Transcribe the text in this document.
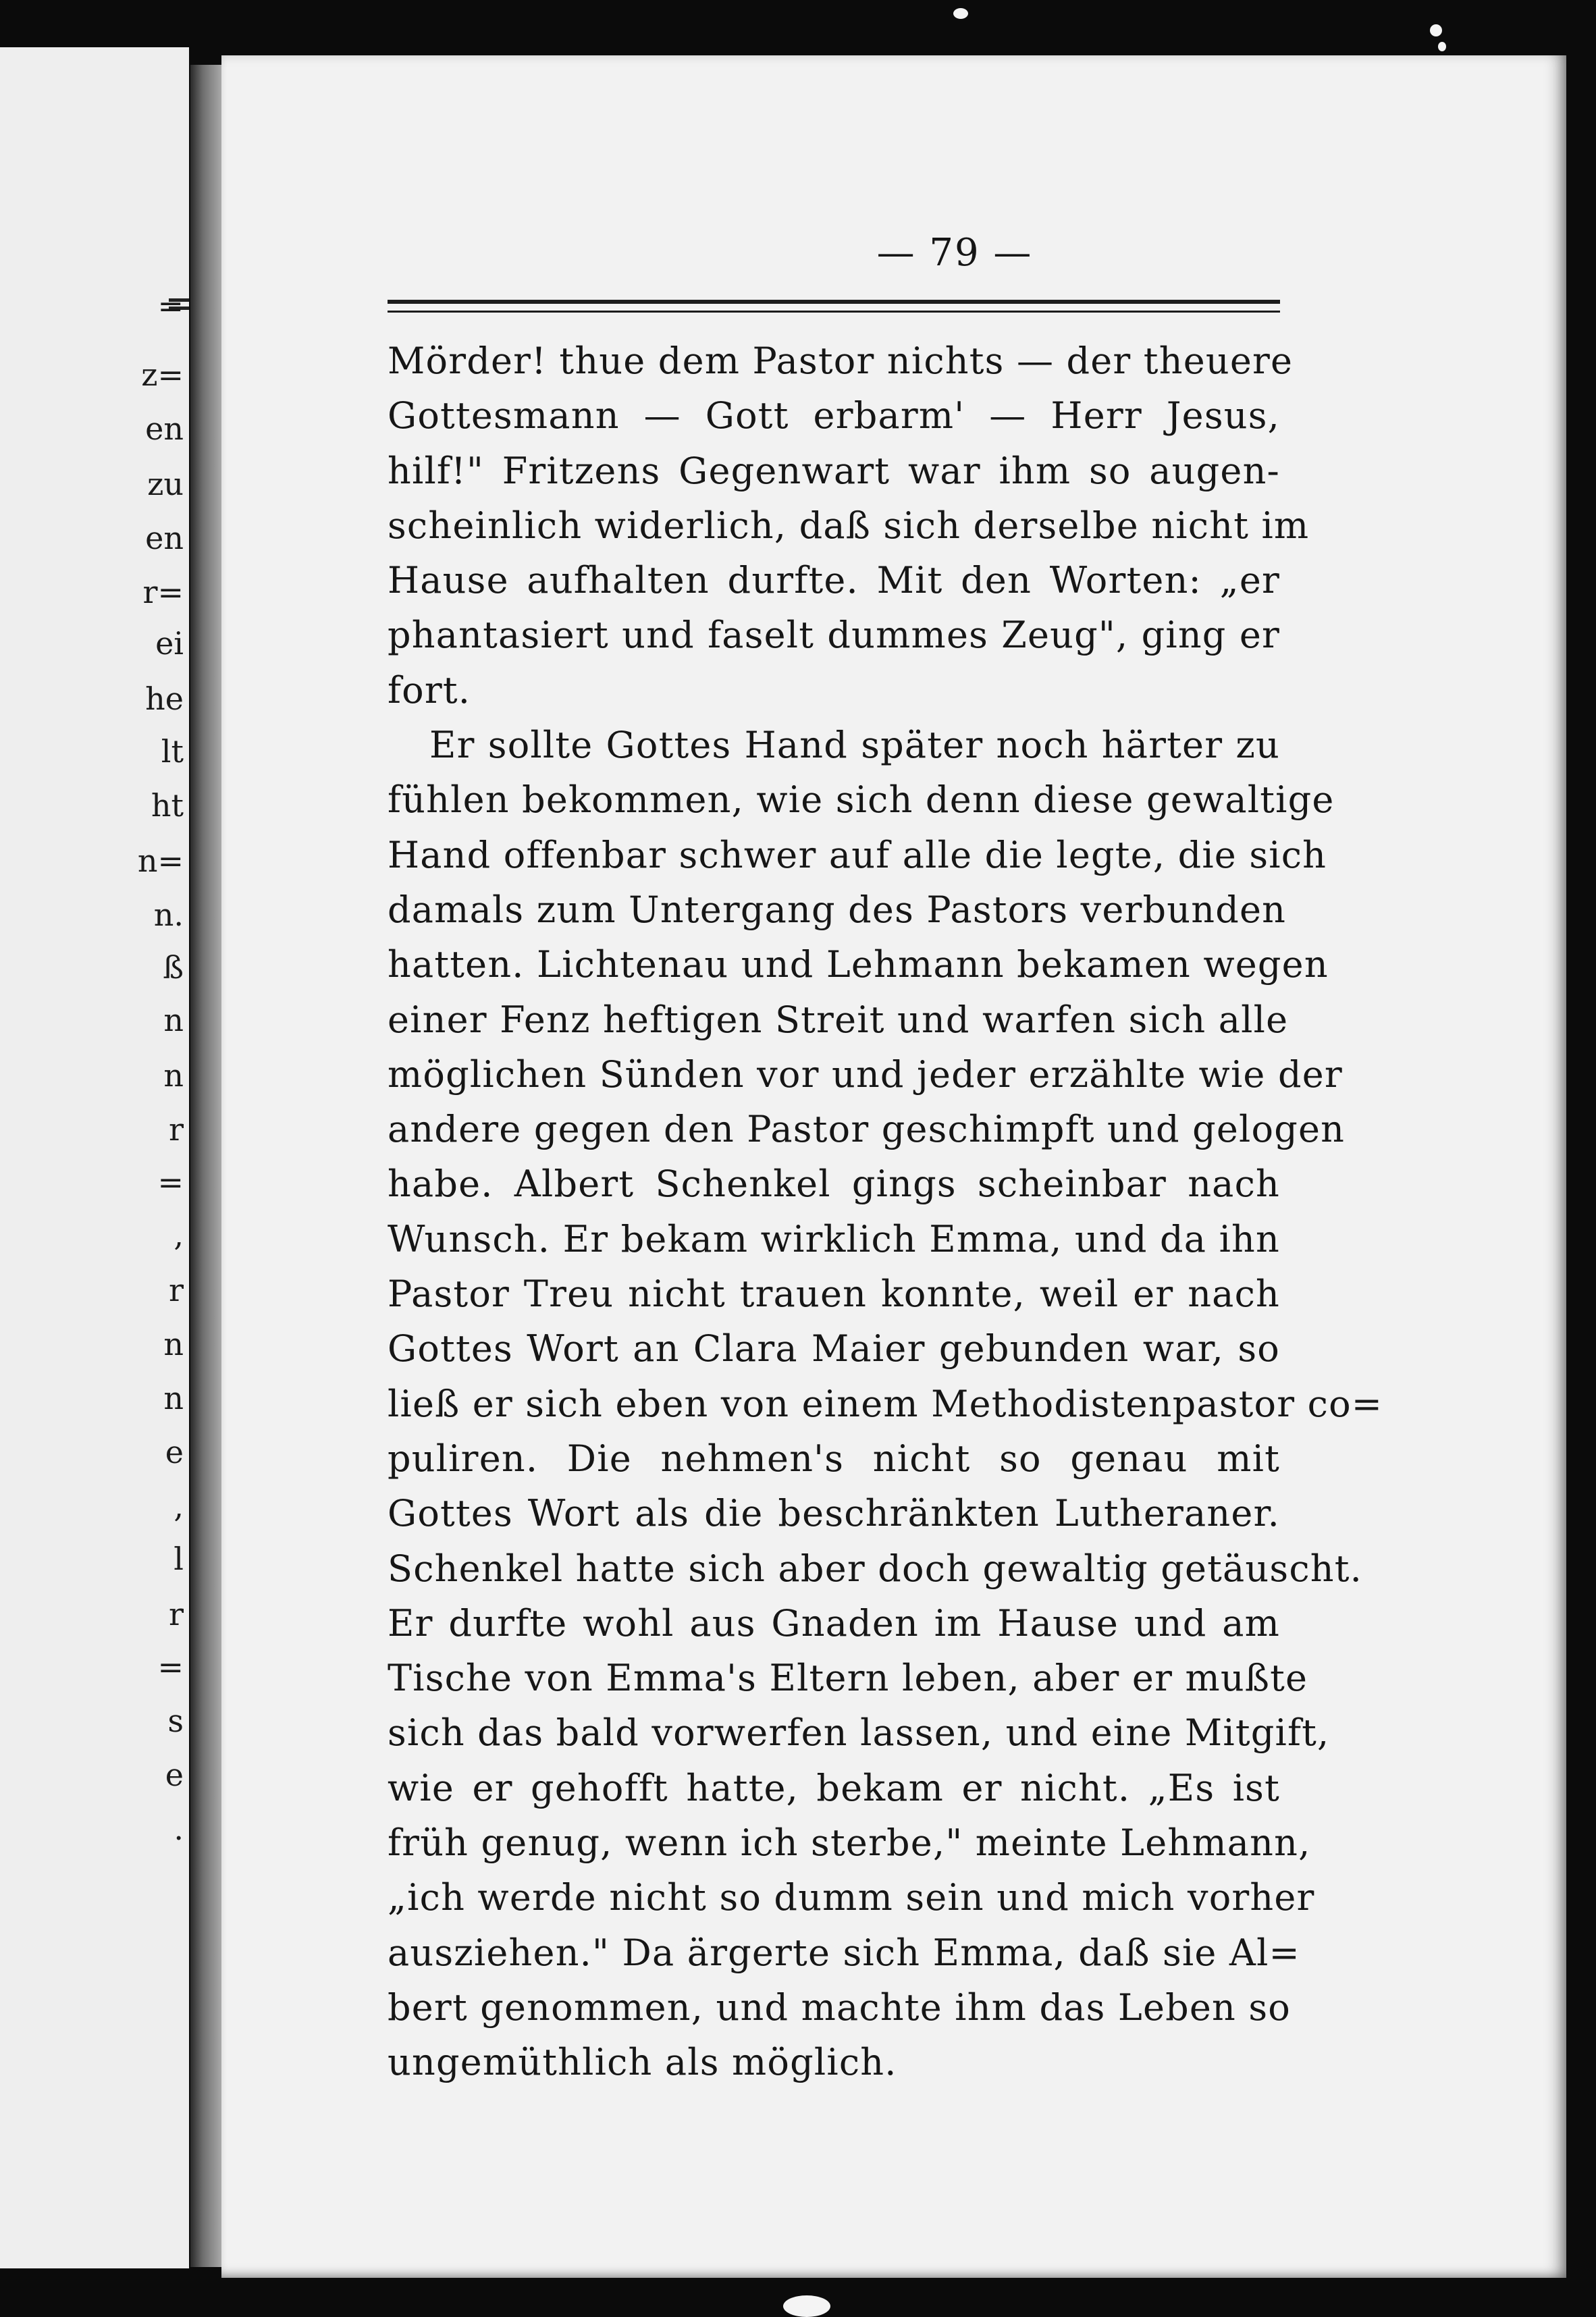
=
z=
en
zu
en
r=
ei
he
lt
ht
n=
n.
ß
n
n
r
=
,
r
n
n
e
,
l
r
=
s
e
.
— 79 —
Mörder! thue dem Pastor nichts — der theuere
Gottesmann — Gott erbarm' — Herr Jesus,
hilf!" Fritzens Gegenwart war ihm so augen-
scheinlich widerlich, daß sich derselbe nicht im
Hause aufhalten durfte. Mit den Worten: „er
phantasiert und faselt dummes Zeug", ging er
fort.
Er sollte Gottes Hand später noch härter zu
fühlen bekommen, wie sich denn diese gewaltige
Hand offenbar schwer auf alle die legte, die sich
damals zum Untergang des Pastors verbunden
hatten. Lichtenau und Lehmann bekamen wegen
einer Fenz heftigen Streit und warfen sich alle
möglichen Sünden vor und jeder erzählte wie der
andere gegen den Pastor geschimpft und gelogen
habe. Albert Schenkel gings scheinbar nach
Wunsch. Er bekam wirklich Emma, und da ihn
Pastor Treu nicht trauen konnte, weil er nach
Gottes Wort an Clara Maier gebunden war, so
ließ er sich eben von einem Methodistenpastor co=
puliren. Die nehmen's nicht so genau mit
Gottes Wort als die beschränkten Lutheraner.
Schenkel hatte sich aber doch gewaltig getäuscht.
Er durfte wohl aus Gnaden im Hause und am
Tische von Emma's Eltern leben, aber er mußte
sich das bald vorwerfen lassen, und eine Mitgift,
wie er gehofft hatte, bekam er nicht. „Es ist
früh genug, wenn ich sterbe," meinte Lehmann,
„ich werde nicht so dumm sein und mich vorher
ausziehen." Da ärgerte sich Emma, daß sie Al=
bert genommen, und machte ihm das Leben so
ungemüthlich als möglich.
